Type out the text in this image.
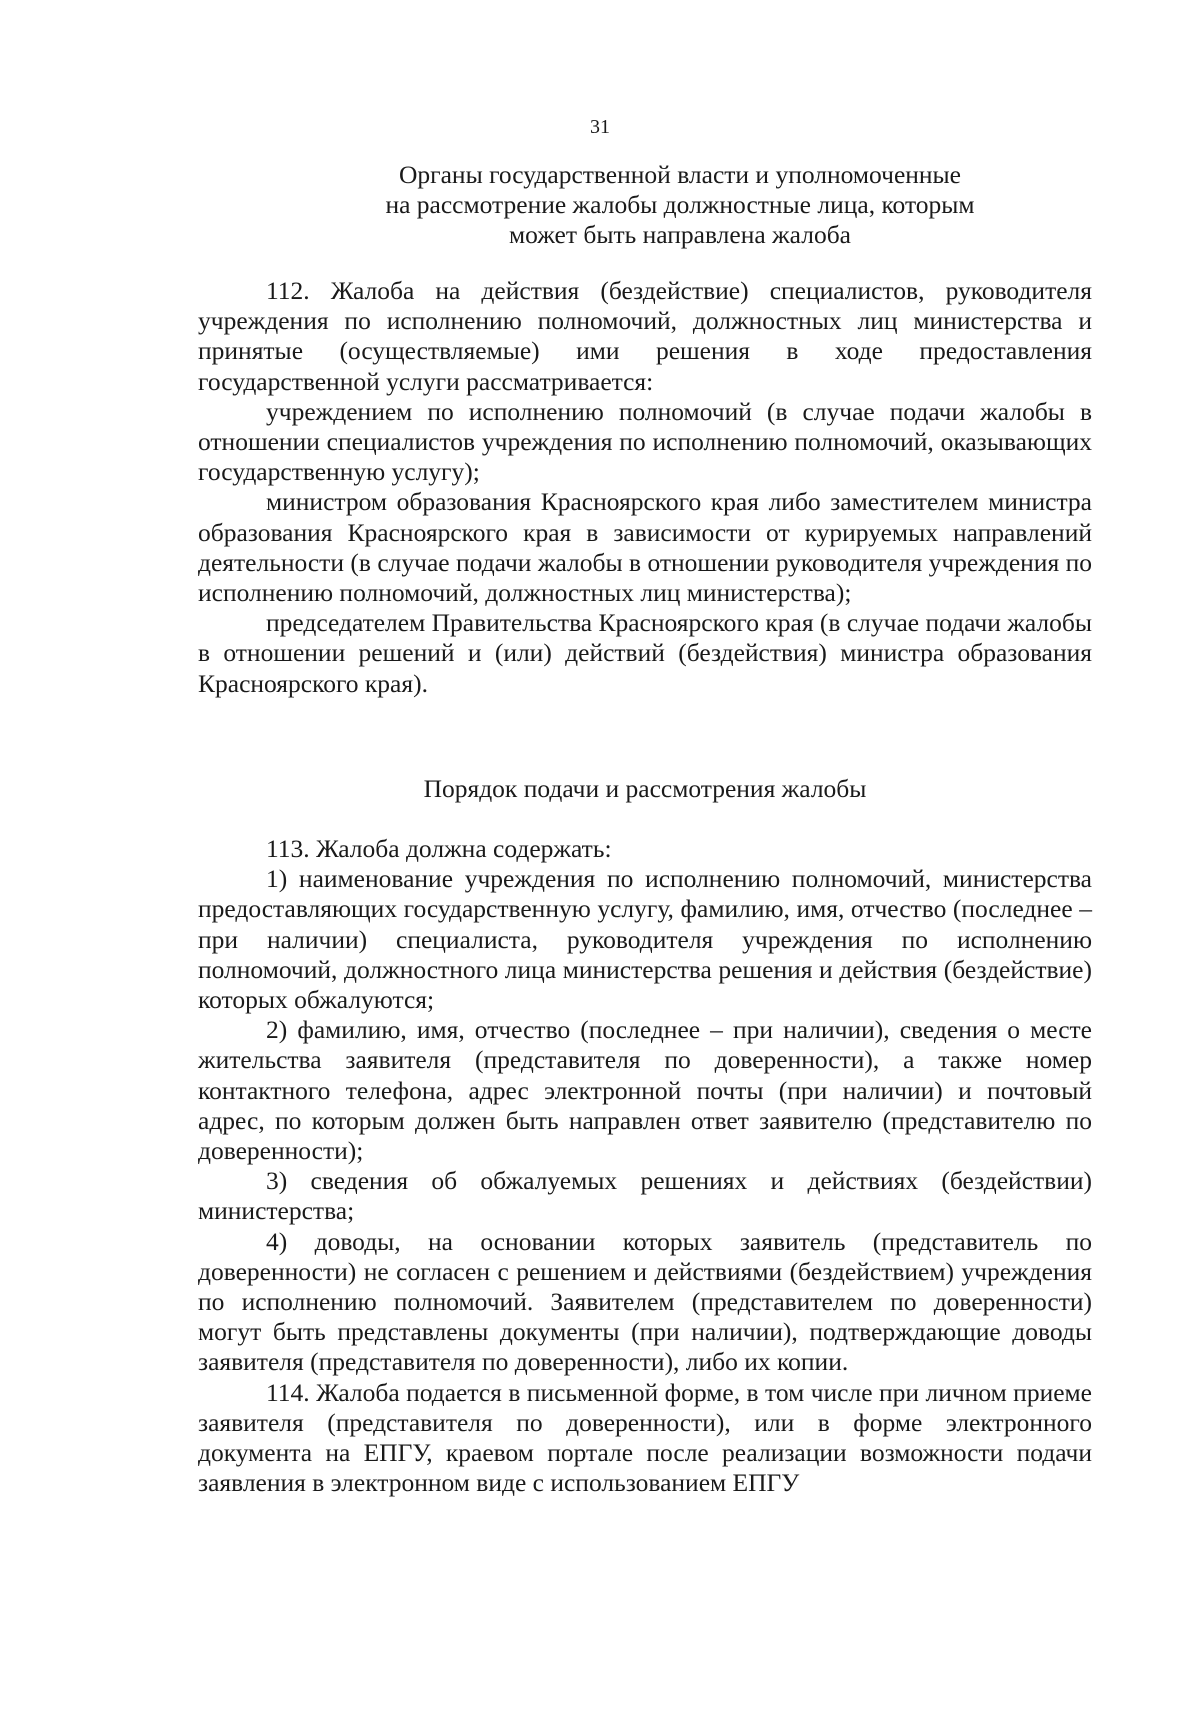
31
Органы государственной власти и уполномоченные
на рассмотрение жалобы должностные лица, которым
может быть направлена жалоба

112. Жалоба на действия (бездействие) специалистов, руководителя учреждения по исполнению полномочий, должностных лиц министерства и принятые (осуществляемые) ими решения в ходе предоставления государственной услуги рассматривается:

учреждением по исполнению полномочий (в случае подачи жалобы в отношении специалистов учреждения по исполнению полномочий, оказывающих государственную услугу);

министром образования Красноярского края либо заместителем министра образования Красноярского края в зависимости от курируемых направлений деятельности (в случае подачи жалобы в отношении руководителя учреждения по исполнению полномочий, должностных лиц министерства);

председателем Правительства Красноярского края (в случае подачи жалобы в отношении решений и (или) действий (бездействия) министра образования Красноярского края).

Порядок подачи и рассмотрения жалобы

113. Жалоба должна содержать:

1) наименование учреждения по исполнению полномочий, министерства предоставляющих государственную услугу, фамилию, имя, отчество (последнее – при наличии) специалиста, руководителя учреждения по исполнению полномочий, должностного лица министерства решения и действия (бездействие) которых обжалуются;

2) фамилию, имя, отчество (последнее – при наличии), сведения о месте жительства заявителя (представителя по доверенности), а также номер контактного телефона, адрес электронной почты (при наличии) и почтовый адрес, по которым должен быть направлен ответ заявителю (представителю по доверенности);

3) сведения об обжалуемых решениях и действиях (бездействии) министерства;

4) доводы, на основании которых заявитель (представитель по доверенности) не согласен с решением и действиями (бездействием) учреждения по исполнению полномочий. Заявителем (представителем по доверенности) могут быть представлены документы (при наличии), подтверждающие доводы заявителя (представителя по доверенности), либо их копии.

114. Жалоба подается в письменной форме, в том числе при личном приеме заявителя (представителя по доверенности), или в форме электронного документа на ЕПГУ, краевом портале после реализации возможности подачи заявления в электронном виде с использованием ЕПГУ
